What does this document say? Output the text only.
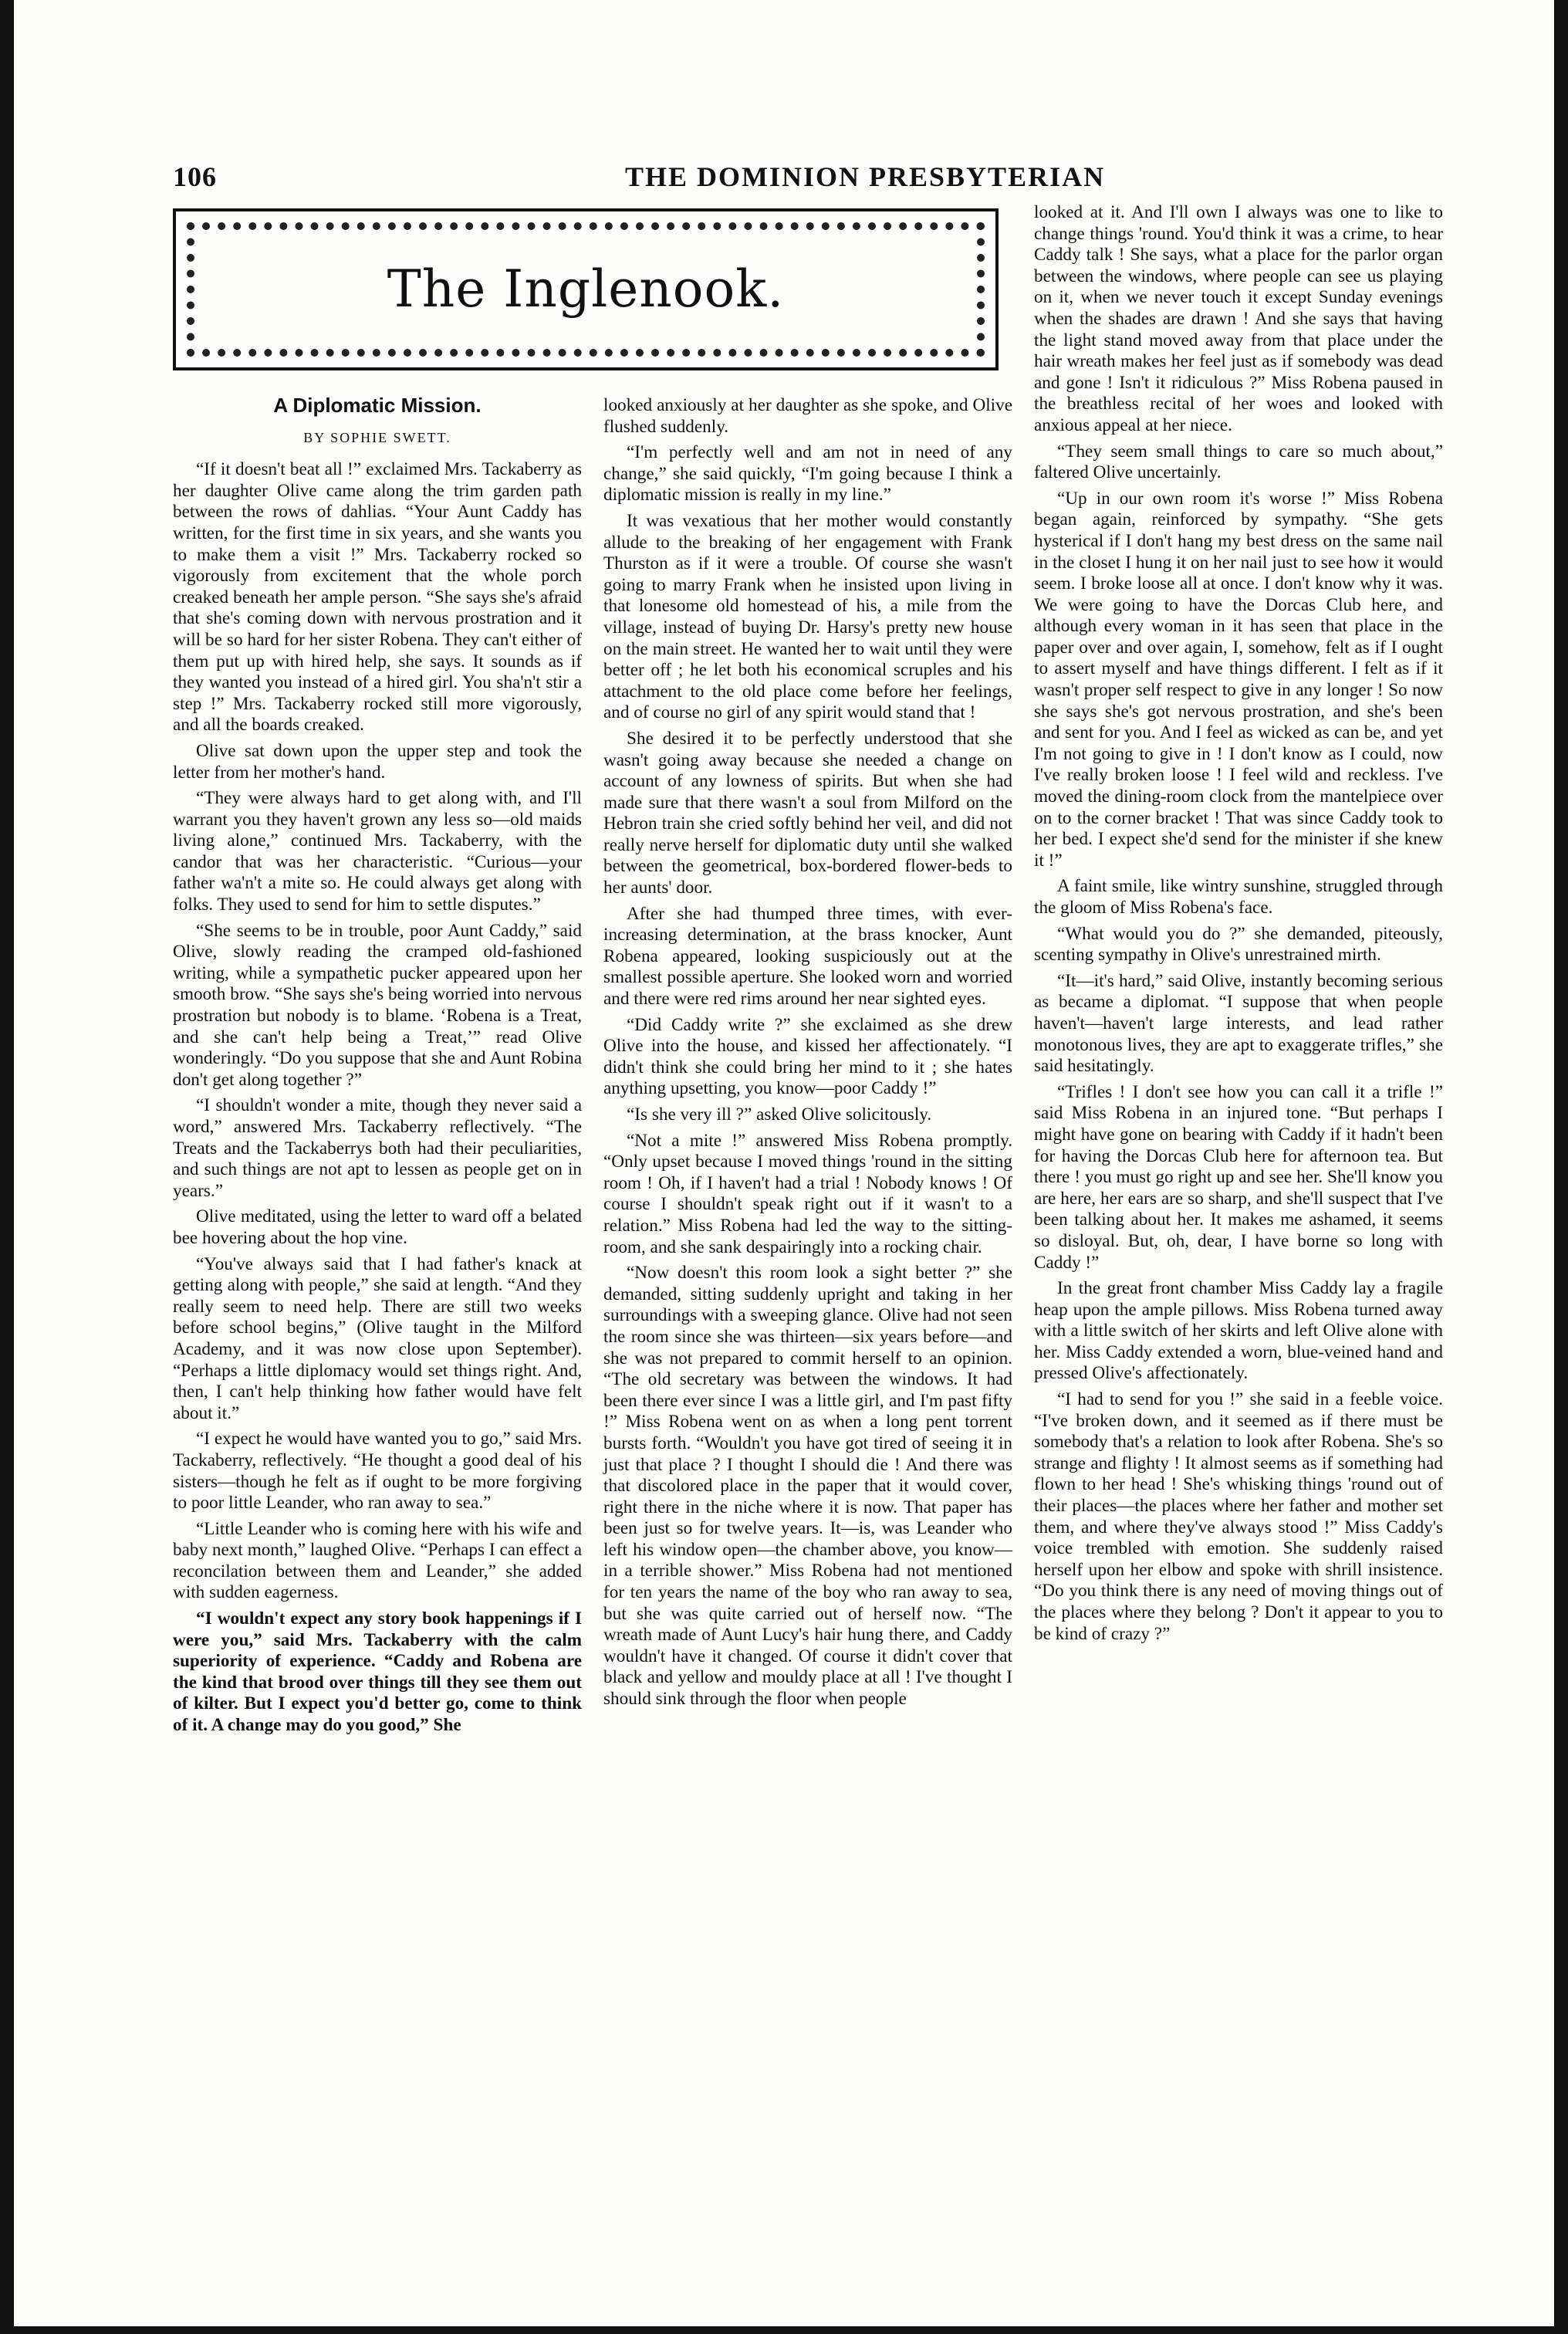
106	THE DOMINION PRESBYTERIAN
The Inglenook.
A Diplomatic Mission.
BY SOPHIE SWETT.

“If it doesn't beat all !” exclaimed Mrs. Tackaberry as her daughter Olive came along the trim garden path between the rows of dahlias. “Your Aunt Caddy has written, for the first time in six years, and she wants you to make them a visit !” Mrs. Tackaberry rocked so vigorously from excitement that the whole porch creaked beneath her ample person. “She says she's afraid that she's coming down with nervous prostration and it will be so hard for her sister Robena. They can't either of them put up with hired help, she says. It sounds as if they wanted you instead of a hired girl. You sha'n't stir a step !” Mrs. Tackaberry rocked still more vigorously, and all the boards creaked.

Olive sat down upon the upper step and took the letter from her mother's hand.

“They were always hard to get along with, and I'll warrant you they haven't grown any less so—old maids living alone,” continued Mrs. Tackaberry, with the candor that was her characteristic. “Curious—your father wa'n't a mite so. He could always get along with folks. They used to send for him to settle disputes.”

“She seems to be in trouble, poor Aunt Caddy,” said Olive, slowly reading the cramped old-fashioned writing, while a sympathetic pucker appeared upon her smooth brow. “She says she's being worried into nervous prostration but nobody is to blame. ‘Robena is a Treat, and she can't help being a Treat,’” read Olive wonderingly. “Do you suppose that she and Aunt Robina don't get along together ?”

“I shouldn't wonder a mite, though they never said a word,” answered Mrs. Tackaberry reflectively. “The Treats and the Tackaberrys both had their peculiarities, and such things are not apt to lessen as people get on in years.”

Olive meditated, using the letter to ward off a belated bee hovering about the hop vine.

“You've always said that I had father's knack at getting along with people,” she said at length. “And they really seem to need help. There are still two weeks before school begins,” (Olive taught in the Milford Academy, and it was now close upon September). “Perhaps a little diplomacy would set things right. And, then, I can't help thinking how father would have felt about it.”

“I expect he would have wanted you to go,” said Mrs. Tackaberry, reflectively. “He thought a good deal of his sisters—though he felt as if ought to be more forgiving to poor little Leander, who ran away to sea.”

“Little Leander who is coming here with his wife and baby next month,” laughed Olive. “Perhaps I can effect a reconcilation between them and Leander,” she added with sudden eagerness.

“I wouldn't expect any story book happenings if I were you,” said Mrs. Tackaberry with the calm superiority of experience. “Caddy and Robena are the kind that brood over things till they see them out of kilter. But I expect you'd better go, come to think of it. A change may do you good,” She

looked anxiously at her daughter as she spoke, and Olive flushed suddenly.

“I'm perfectly well and am not in need of any change,” she said quickly, “I'm going because I think a diplomatic mission is really in my line.”

It was vexatious that her mother would constantly allude to the breaking of her engagement with Frank Thurston as if it were a trouble. Of course she wasn't going to marry Frank when he insisted upon living in that lonesome old homestead of his, a mile from the village, instead of buying Dr. Harsy's pretty new house on the main street. He wanted her to wait until they were better off ; he let both his economical scruples and his attachment to the old place come before her feelings, and of course no girl of any spirit would stand that !

She desired it to be perfectly understood that she wasn't going away because she needed a change on account of any lowness of spirits. But when she had made sure that there wasn't a soul from Milford on the Hebron train she cried softly behind her veil, and did not really nerve herself for diplomatic duty until she walked between the geometrical, box-bordered flower-beds to her aunts' door.

After she had thumped three times, with ever-increasing determination, at the brass knocker, Aunt Robena appeared, looking suspiciously out at the smallest possible aperture. She looked worn and worried and there were red rims around her near sighted eyes.

“Did Caddy write ?” she exclaimed as she drew Olive into the house, and kissed her affectionately. “I didn't think she could bring her mind to it ; she hates anything upsetting, you know—poor Caddy !”

“Is she very ill ?” asked Olive solicitously.

“Not a mite !” answered Miss Robena promptly. “Only upset because I moved things 'round in the sitting room ! Oh, if I haven't had a trial ! Nobody knows ! Of course I shouldn't speak right out if it wasn't to a relation.” Miss Robena had led the way to the sitting-room, and she sank despairingly into a rocking chair.

“Now doesn't this room look a sight better ?” she demanded, sitting suddenly upright and taking in her surroundings with a sweeping glance. Olive had not seen the room since she was thirteen—six years before—and she was not prepared to commit herself to an opinion. “The old secretary was between the windows. It had been there ever since I was a little girl, and I'm past fifty !” Miss Robena went on as when a long pent torrent bursts forth. “Wouldn't you have got tired of seeing it in just that place ? I thought I should die ! And there was that discolored place in the paper that it would cover, right there in the niche where it is now. That paper has been just so for twelve years. It—is, was Leander who left his window open—the chamber above, you know—in a terrible shower.” Miss Robena had not mentioned for ten years the name of the boy who ran away to sea, but she was quite carried out of herself now. “The wreath made of Aunt Lucy's hair hung there, and Caddy wouldn't have it changed. Of course it didn't cover that black and yellow and mouldy place at all ! I've thought I should sink through the floor when people

looked at it. And I'll own I always was one to like to change things 'round. You'd think it was a crime, to hear Caddy talk ! She says, what a place for the parlor organ between the windows, where people can see us playing on it, when we never touch it except Sunday evenings when the shades are drawn ! And she says that having the light stand moved away from that place under the hair wreath makes her feel just as if somebody was dead and gone ! Isn't it ridiculous ?” Miss Robena paused in the breathless recital of her woes and looked with anxious appeal at her niece.

“They seem small things to care so much about,” faltered Olive uncertainly.

“Up in our own room it's worse !” Miss Robena began again, reinforced by sympathy. “She gets hysterical if I don't hang my best dress on the same nail in the closet I hung it on her nail just to see how it would seem. I broke loose all at once. I don't know why it was. We were going to have the Dorcas Club here, and although every woman in it has seen that place in the paper over and over again, I, somehow, felt as if I ought to assert myself and have things different. I felt as if it wasn't proper self respect to give in any longer ! So now she says she's got nervous prostration, and she's been and sent for you. And I feel as wicked as can be, and yet I'm not going to give in ! I don't know as I could, now I've really broken loose ! I feel wild and reckless. I've moved the dining-room clock from the mantelpiece over on to the corner bracket ! That was since Caddy took to her bed. I expect she'd send for the minister if she knew it !”

A faint smile, like wintry sunshine, struggled through the gloom of Miss Robena's face.

“What would you do ?” she demanded, piteously, scenting sympathy in Olive's unrestrained mirth.

“It—it's hard,” said Olive, instantly becoming serious as became a diplomat. “I suppose that when people haven't—haven't large interests, and lead rather monotonous lives, they are apt to exaggerate trifles,” she said hesitatingly.

“Trifles ! I don't see how you can call it a trifle !” said Miss Robena in an injured tone. “But perhaps I might have gone on bearing with Caddy if it hadn't been for having the Dorcas Club here for afternoon tea. But there ! you must go right up and see her. She'll know you are here, her ears are so sharp, and she'll suspect that I've been talking about her. It makes me ashamed, it seems so disloyal. But, oh, dear, I have borne so long with Caddy !”

In the great front chamber Miss Caddy lay a fragile heap upon the ample pillows. Miss Robena turned away with a little switch of her skirts and left Olive alone with her. Miss Caddy extended a worn, blue-veined hand and pressed Olive's affectionately.

“I had to send for you !” she said in a feeble voice. “I've broken down, and it seemed as if there must be somebody that's a relation to look after Robena. She's so strange and flighty ! It almost seems as if something had flown to her head ! She's whisking things 'round out of their places—the places where her father and mother set them, and where they've always stood !” Miss Caddy's voice trembled with emotion. She suddenly raised herself upon her elbow and spoke with shrill insistence. “Do you think there is any need of moving things out of the places where they belong ? Don't it appear to you to be kind of crazy ?”
